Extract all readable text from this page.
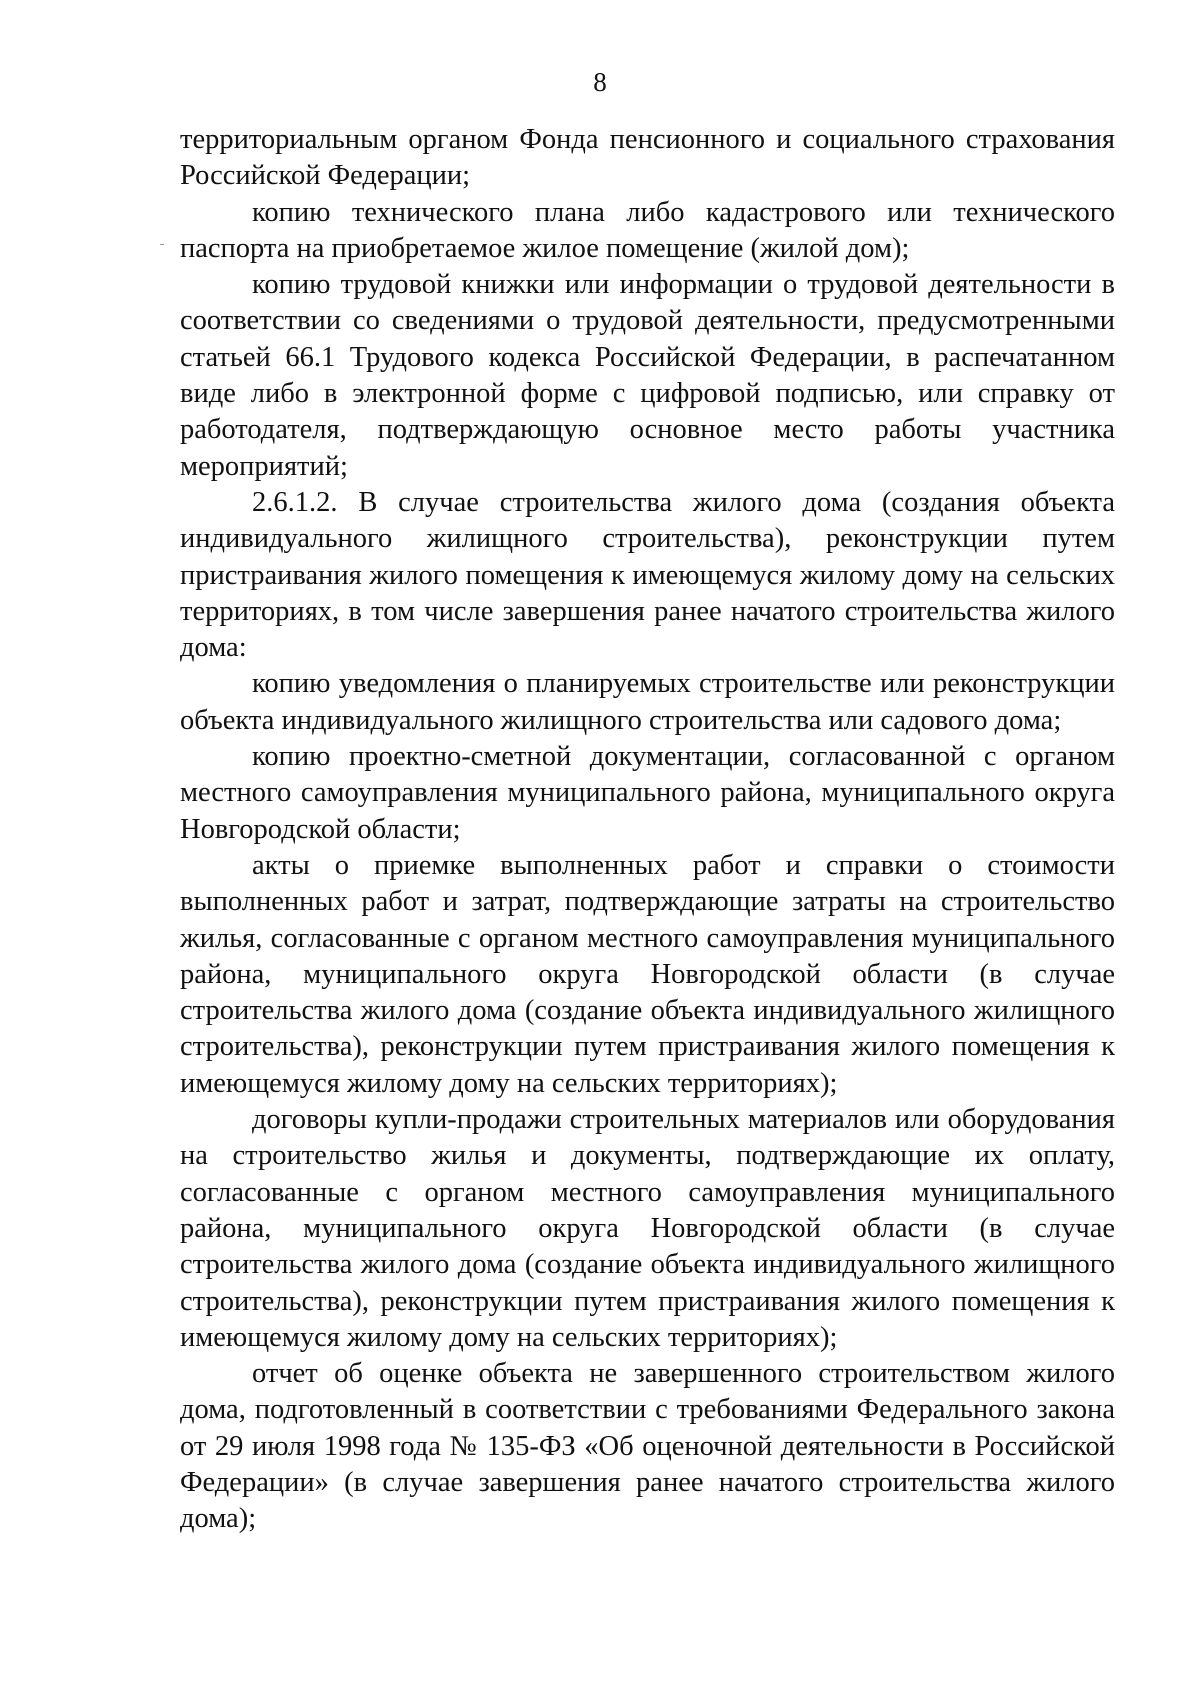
8

территориальным органом Фонда пенсионного и социального страхования Российской Федерации;

копию технического плана либо кадастрового или технического паспорта на приобретаемое жилое помещение (жилой дом);

копию трудовой книжки или информации о трудовой деятельности в соответствии со сведениями о трудовой деятельности, предусмотренными статьей 66.1 Трудового кодекса Российской Федерации, в распечатанном виде либо в электронной форме с цифровой подписью, или справку от работодателя, подтверждающую основное место работы участника мероприятий;

2.6.1.2. В случае строительства жилого дома (создания объекта индивидуального жилищного строительства), реконструкции путем пристраивания жилого помещения к имеющемуся жилому дому на сельских территориях, в том числе завершения ранее начатого строительства жилого дома:

копию уведомления о планируемых строительстве или реконструкции объекта индивидуального жилищного строительства или садового дома;

копию проектно-сметной документации, согласованной с органом местного самоуправления муниципального района, муниципального округа Новгородской области;

акты о приемке выполненных работ и справки о стоимости выполненных работ и затрат, подтверждающие затраты на строительство жилья, согласованные с органом местного самоуправления муниципального района, муниципального округа Новгородской области (в случае строительства жилого дома (создание объекта индивидуального жилищного строительства), реконструкции путем пристраивания жилого помещения к имеющемуся жилому дому на сельских территориях);

договоры купли-продажи строительных материалов или оборудования на строительство жилья и документы, подтверждающие их оплату, согласованные с органом местного самоуправления муниципального района, муниципального округа Новгородской области (в случае строительства жилого дома (создание объекта индивидуального жилищного строительства), реконструкции путем пристраивания жилого помещения к имеющемуся жилому дому на сельских территориях);

отчет об оценке объекта не завершенного строительством жилого дома, подготовленный в соответствии с требованиями Федерального закона от 29 июля 1998 года № 135-ФЗ «Об оценочной деятельности в Российской Федерации» (в случае завершения ранее начатого строительства жилого дома);
